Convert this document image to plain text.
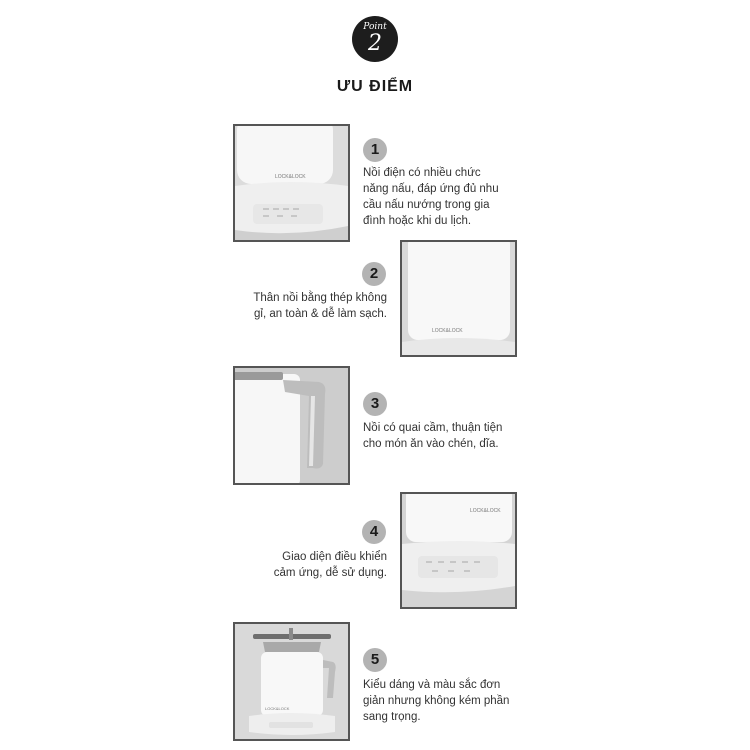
Point
2
ƯU ĐIỂM
LOCK&LOCK
1
Nồi điện có nhiều chức
năng nấu, đáp ứng đủ nhu
cầu nấu nướng trong gia
đình hoặc khi du lịch.
LOCK&LOCK
2
Thân nồi bằng thép không
gỉ, an toàn & dễ làm sạch.
3
Nồi có quai cầm, thuận tiện
cho món ăn vào chén, dĩa.
LOCK&LOCK
4
Giao diện điều khiển
cảm ứng, dễ sử dụng.
LOCK&LOCK
5
Kiểu dáng và màu sắc đơn
giản nhưng không kém phần
sang trọng.
